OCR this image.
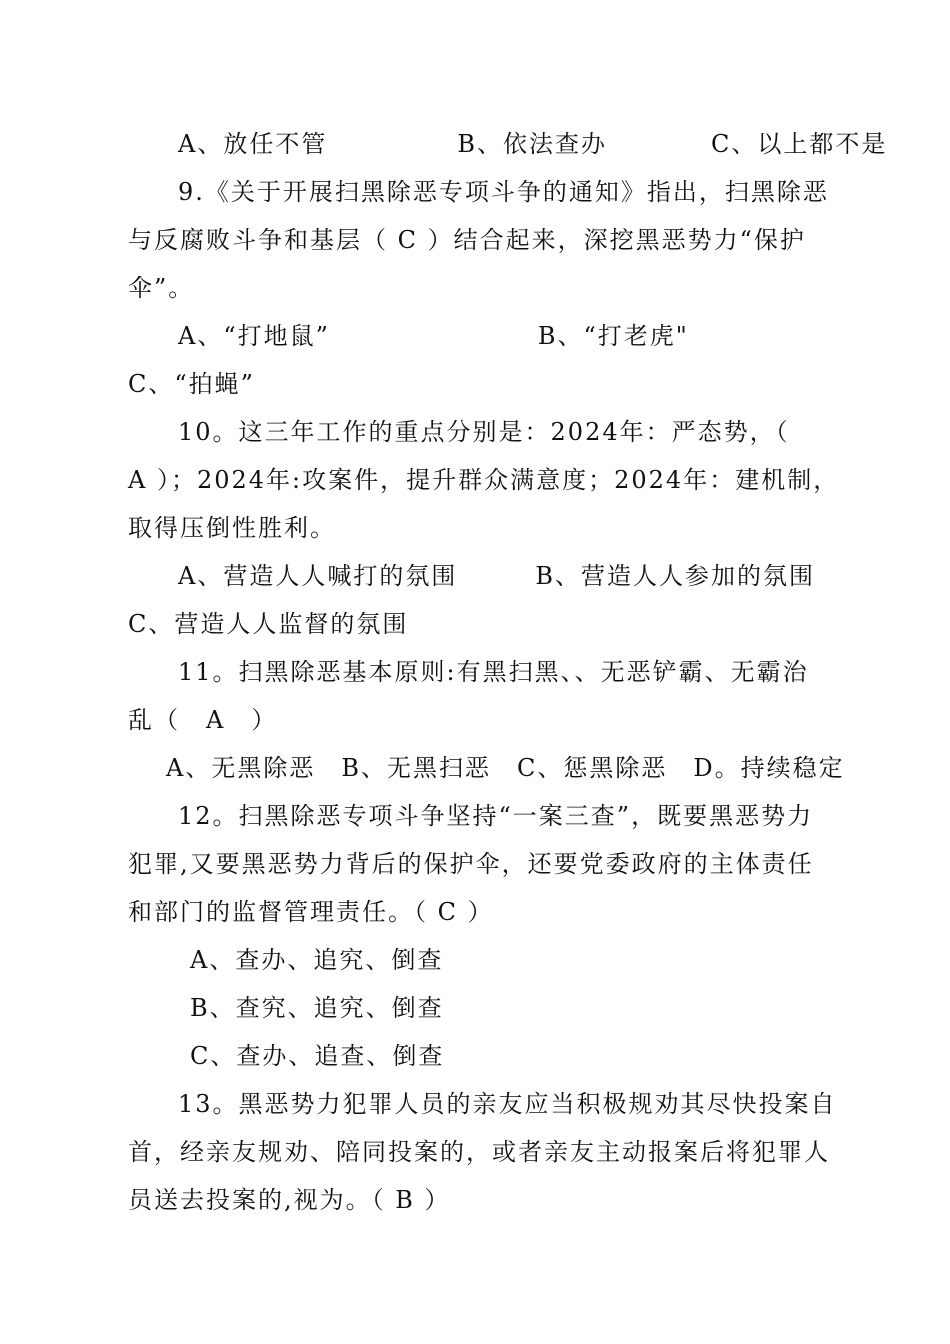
A、放任不管　　　　　B、依法查办　　　　C、以上都不是
9.《关于开展扫黑除恶专项斗争的通知》指出，扫黑除恶
与反腐败斗争和基层（ C ）结合起来，深挖黑恶势力“保护
伞”。
A、“打地鼠”　　　　　　　　B、“打老虎"
C、“拍蝇”
10。这三年工作的重点分别是：2024年：严态势，（
A ）；2024年:攻案件，提升群众满意度；2024年：建机制，
取得压倒性胜利。
A、营造人人喊打的氛围　　　B、营造人人参加的氛围
C、营造人人监督的氛围
11。扫黑除恶基本原则:有黑扫黑、、无恶铲霸、无霸治
乱（　A　）
A、无黑除恶　B、无黑扫恶　C、惩黑除恶　D。持续稳定
12。扫黑除恶专项斗争坚持“一案三查”，既要黑恶势力
犯罪,又要黑恶势力背后的保护伞，还要党委政府的主体责任
和部门的监督管理责任。（ C ）
A、查办、追究、倒查
B、查究、追究、倒查
C、查办、追查、倒查
13。黑恶势力犯罪人员的亲友应当积极规劝其尽快投案自
首，经亲友规劝、陪同投案的，或者亲友主动报案后将犯罪人
员送去投案的,视为。（ B ）
